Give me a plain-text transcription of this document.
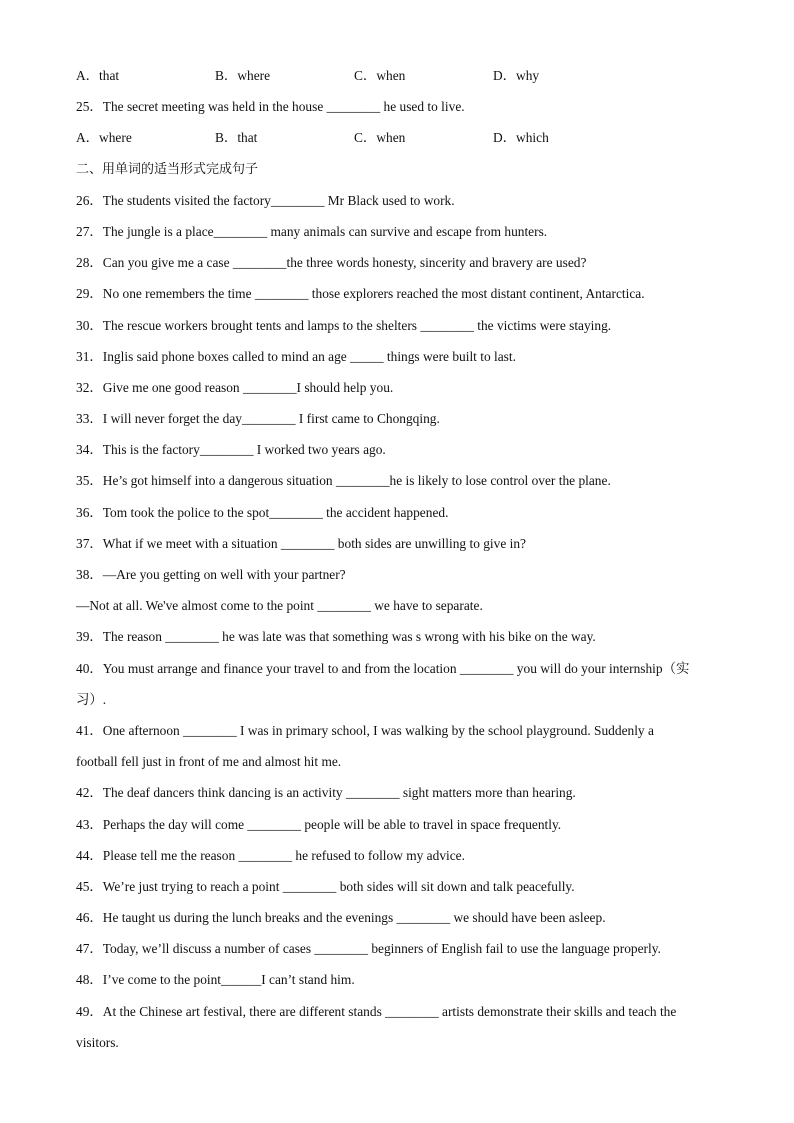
A．that	B．where	C．when	D．why
25．The secret meeting was held in the house ________ he used to live.
A．where	B．that	C．when	D．which
二、用单词的适当形式完成句子
26．The students visited the factory________ Mr Black used to work.
27．The jungle is a place________ many animals can survive and escape from hunters.
28．Can you give me a case ________the three words honesty, sincerity and bravery are used?
29．No one remembers the time ________ those explorers reached the most distant continent, Antarctica.
30．The rescue workers brought tents and lamps to the shelters ________ the victims were staying.
31．Inglis said phone boxes called to mind an age _____ things were built to last.
32．Give me one good reason ________I should help you.
33．I will never forget the day________ I first came to Chongqing.
34．This is the factory________ I worked two years ago.
35．He’s got himself into a dangerous situation ________he is likely to lose control over the plane.
36．Tom took the police to the spot________ the accident happened.
37．What if we meet with a situation ________ both sides are unwilling to give in?
38．—Are you getting on well with your partner?
—Not at all. We've almost come to the point ________ we have to separate.
39．The reason ________ he was late was that something was s wrong with his bike on the way.
40．You must arrange and finance your travel to and from the location ________ you will do your internship（实
习）.
41．One afternoon ________ I was in primary school, I was walking by the school playground. Suddenly a
football fell just in front of me and almost hit me.
42．The deaf dancers think dancing is an activity ________ sight matters more than hearing.
43．Perhaps the day will come ________ people will be able to travel in space frequently.
44．Please tell me the reason ________ he refused to follow my advice.
45．We’re just trying to reach a point ________ both sides will sit down and talk peacefully.
46．He taught us during the lunch breaks and the evenings ________ we should have been asleep.
47．Today, we’ll discuss a number of cases ________ beginners of English fail to use the language properly.
48．I’ve come to the point______I can’t stand him.
49．At the Chinese art festival, there are different stands ________ artists demonstrate their skills and teach the
visitors.
